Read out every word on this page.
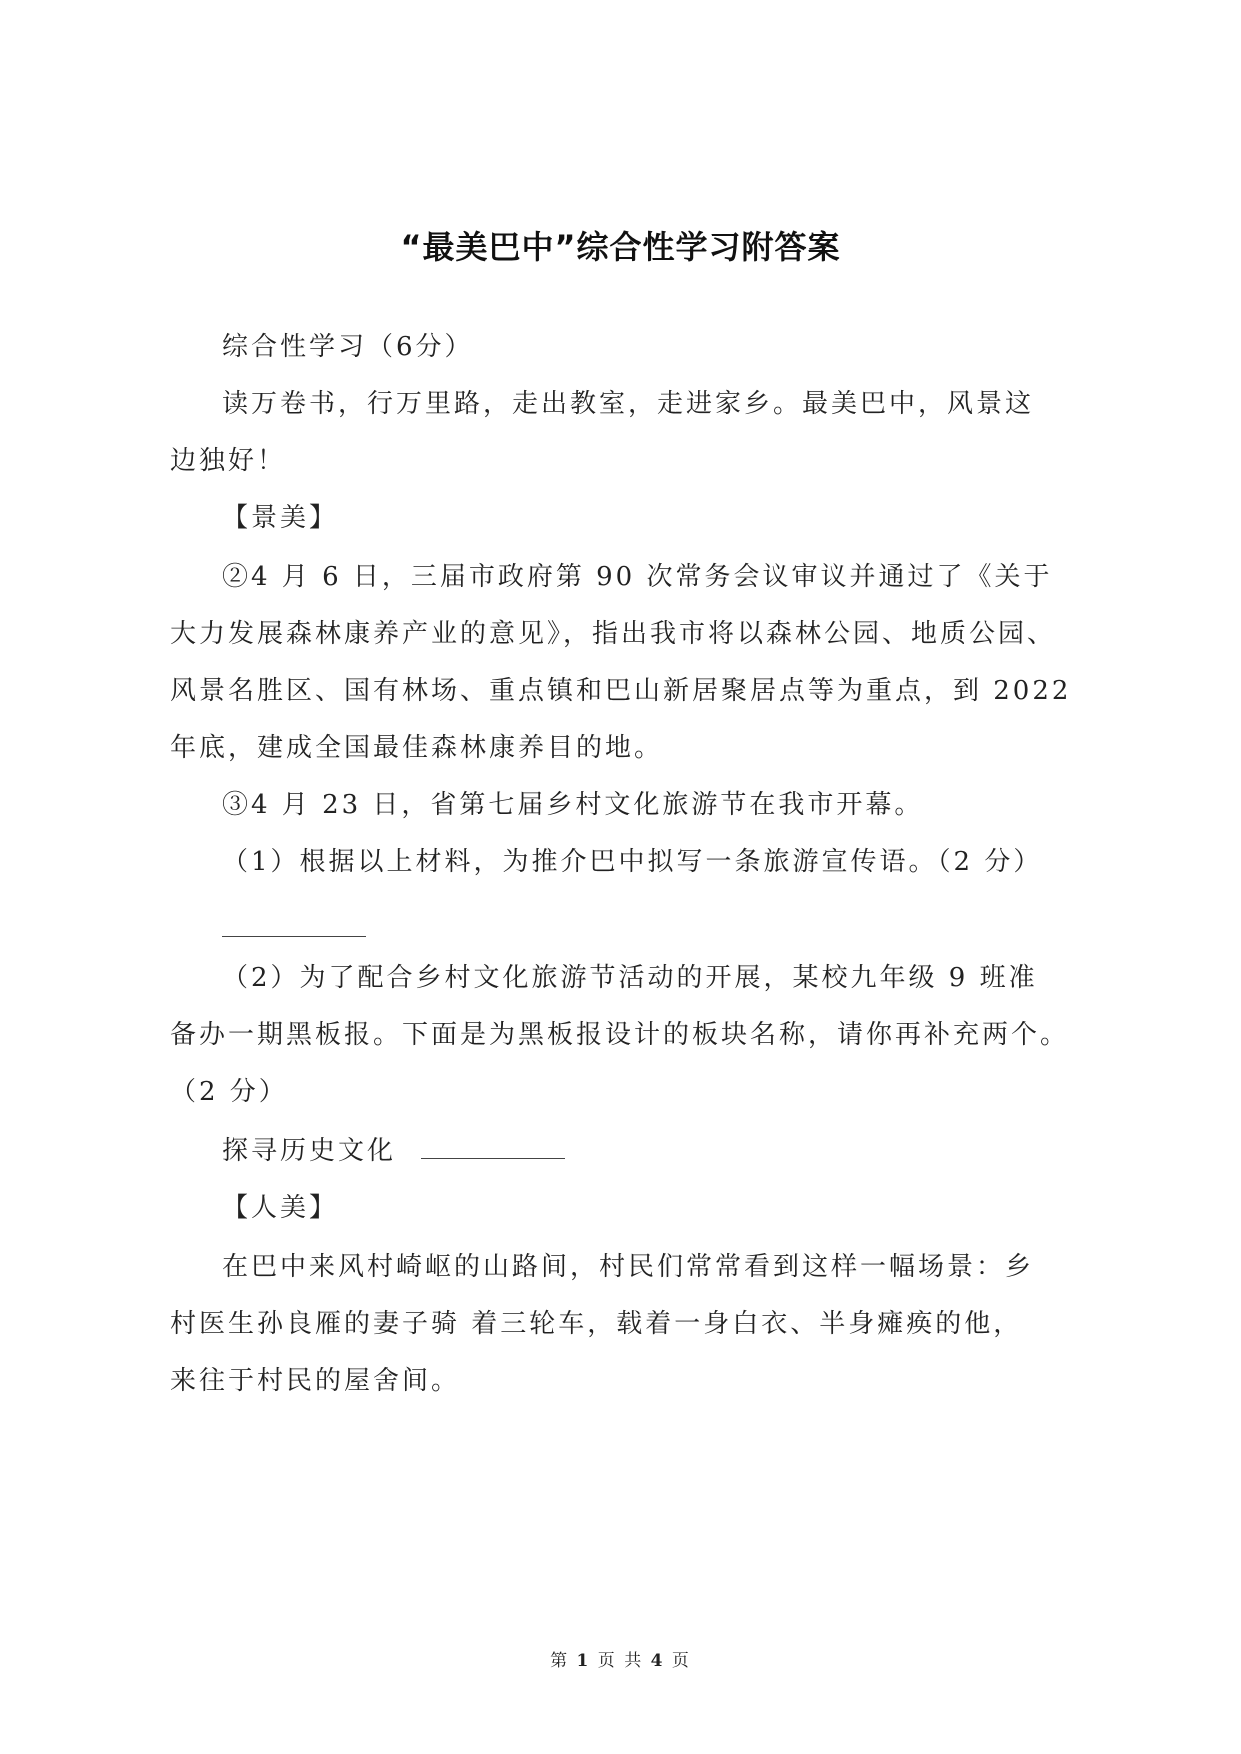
“最美巴中”综合性学习附答案
综合性学习（6分）
读万卷书，行万里路，走出教室，走进家乡。最美巴中，风景这
边独好！
【景美】
②4 月 6 日，三届市政府第 90 次常务会议审议并通过了《关于
大力发展森林康养产业的意见》，指出我市将以森林公园、地质公园、
风景名胜区、国有林场、重点镇和巴山新居聚居点等为重点，到 2022
年底，建成全国最佳森林康养目的地。
③4 月 23 日，省第七届乡村文化旅游节在我市开幕。
（1）根据以上材料，为推介巴中拟写一条旅游宣传语。（2 分）
（2）为了配合乡村文化旅游节活动的开展，某校九年级 9 班准
备办一期黑板报。下面是为黑板报设计的板块名称，请你再补充两个。
（2 分）
探寻历史文化
【人美】
在巴中来风村崎岖的山路间，村民们常常看到这样一幅场景：乡
村医生孙良雁的妻子骑 着三轮车，载着一身白衣、半身瘫痪的他，
来往于村民的屋舍间。
第 1 页 共 4 页
